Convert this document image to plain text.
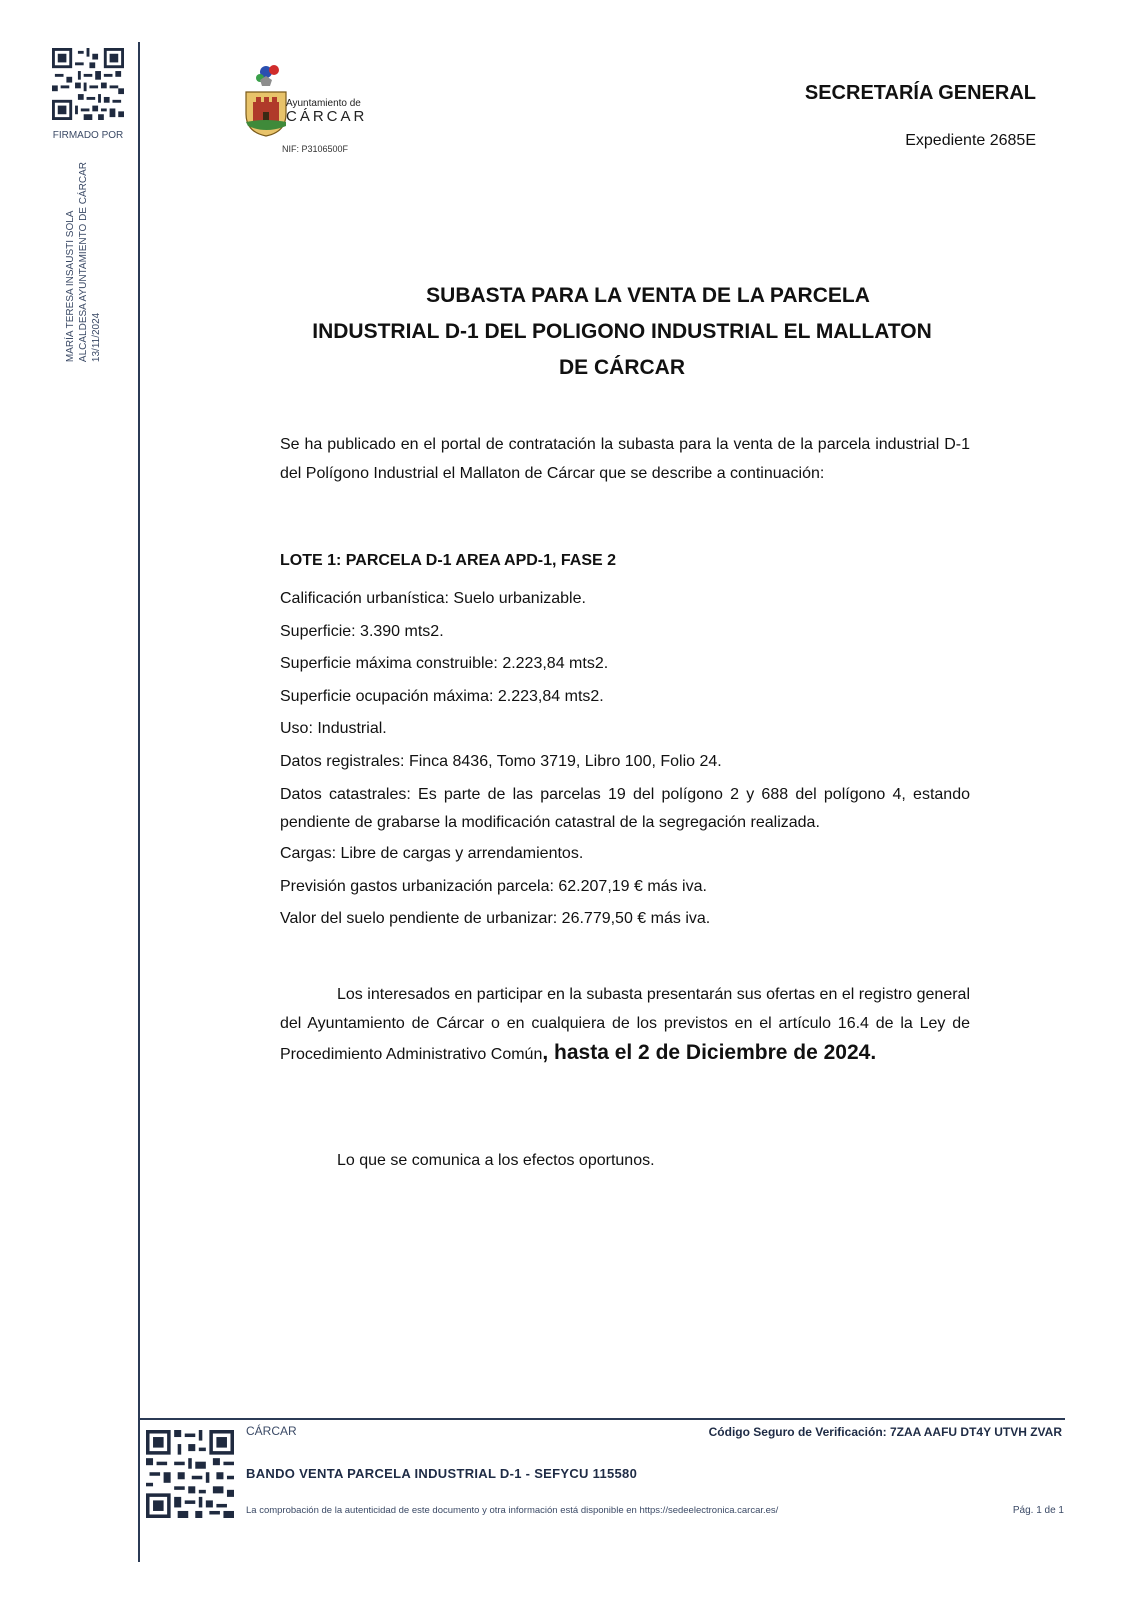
FIRMADO POR
MARÍA TERESA INSAUSTI SOLA ALCALDESA AYUNTAMIENTO DE CÁRCAR 13/11/2024
Ayuntamiento de
CÁRCAR
NIF: P3106500F
SECRETARÍA GENERAL
Expediente 2685E
SUBASTA PARA LA VENTA DE LA PARCELA
INDUSTRIAL D-1 DEL POLIGONO INDUSTRIAL EL MALLATON
DE CÁRCAR
Se ha publicado en el portal de contratación la subasta para la venta de la parcela industrial D-1 del Polígono Industrial el Mallaton de Cárcar que se describe a continuación:
LOTE 1: PARCELA D-1 AREA APD-1, FASE 2
Calificación urbanística: Suelo urbanizable.
Superficie: 3.390 mts2.
Superficie máxima construible: 2.223,84 mts2.
Superficie ocupación máxima: 2.223,84 mts2.
Uso: Industrial.
Datos registrales: Finca 8436, Tomo 3719, Libro 100, Folio 24.
Datos catastrales: Es parte de las parcelas 19 del polígono 2 y 688 del polígono 4, estando pendiente de grabarse la modificación catastral de la segregación realizada.
Cargas: Libre de cargas y arrendamientos.
Previsión gastos urbanización parcela: 62.207,19 € más iva.
Valor del suelo pendiente de urbanizar: 26.779,50 € más iva.
Los interesados en participar en la subasta presentarán sus ofertas en el registro general del Ayuntamiento de Cárcar o en cualquiera de los previstos en el artículo 16.4 de la Ley de Procedimiento Administrativo Común, hasta el 2 de Diciembre de 2024.
Lo que se comunica a los efectos oportunos.
CÁRCAR	Código Seguro de Verificación: 7ZAA AAFU DT4Y UTVH ZVAR
BANDO VENTA PARCELA INDUSTRIAL D-1 - SEFYCU 115580
La comprobación de la autenticidad de este documento y otra información está disponible en https://sedeelectronica.carcar.es/	Pág. 1 de 1
